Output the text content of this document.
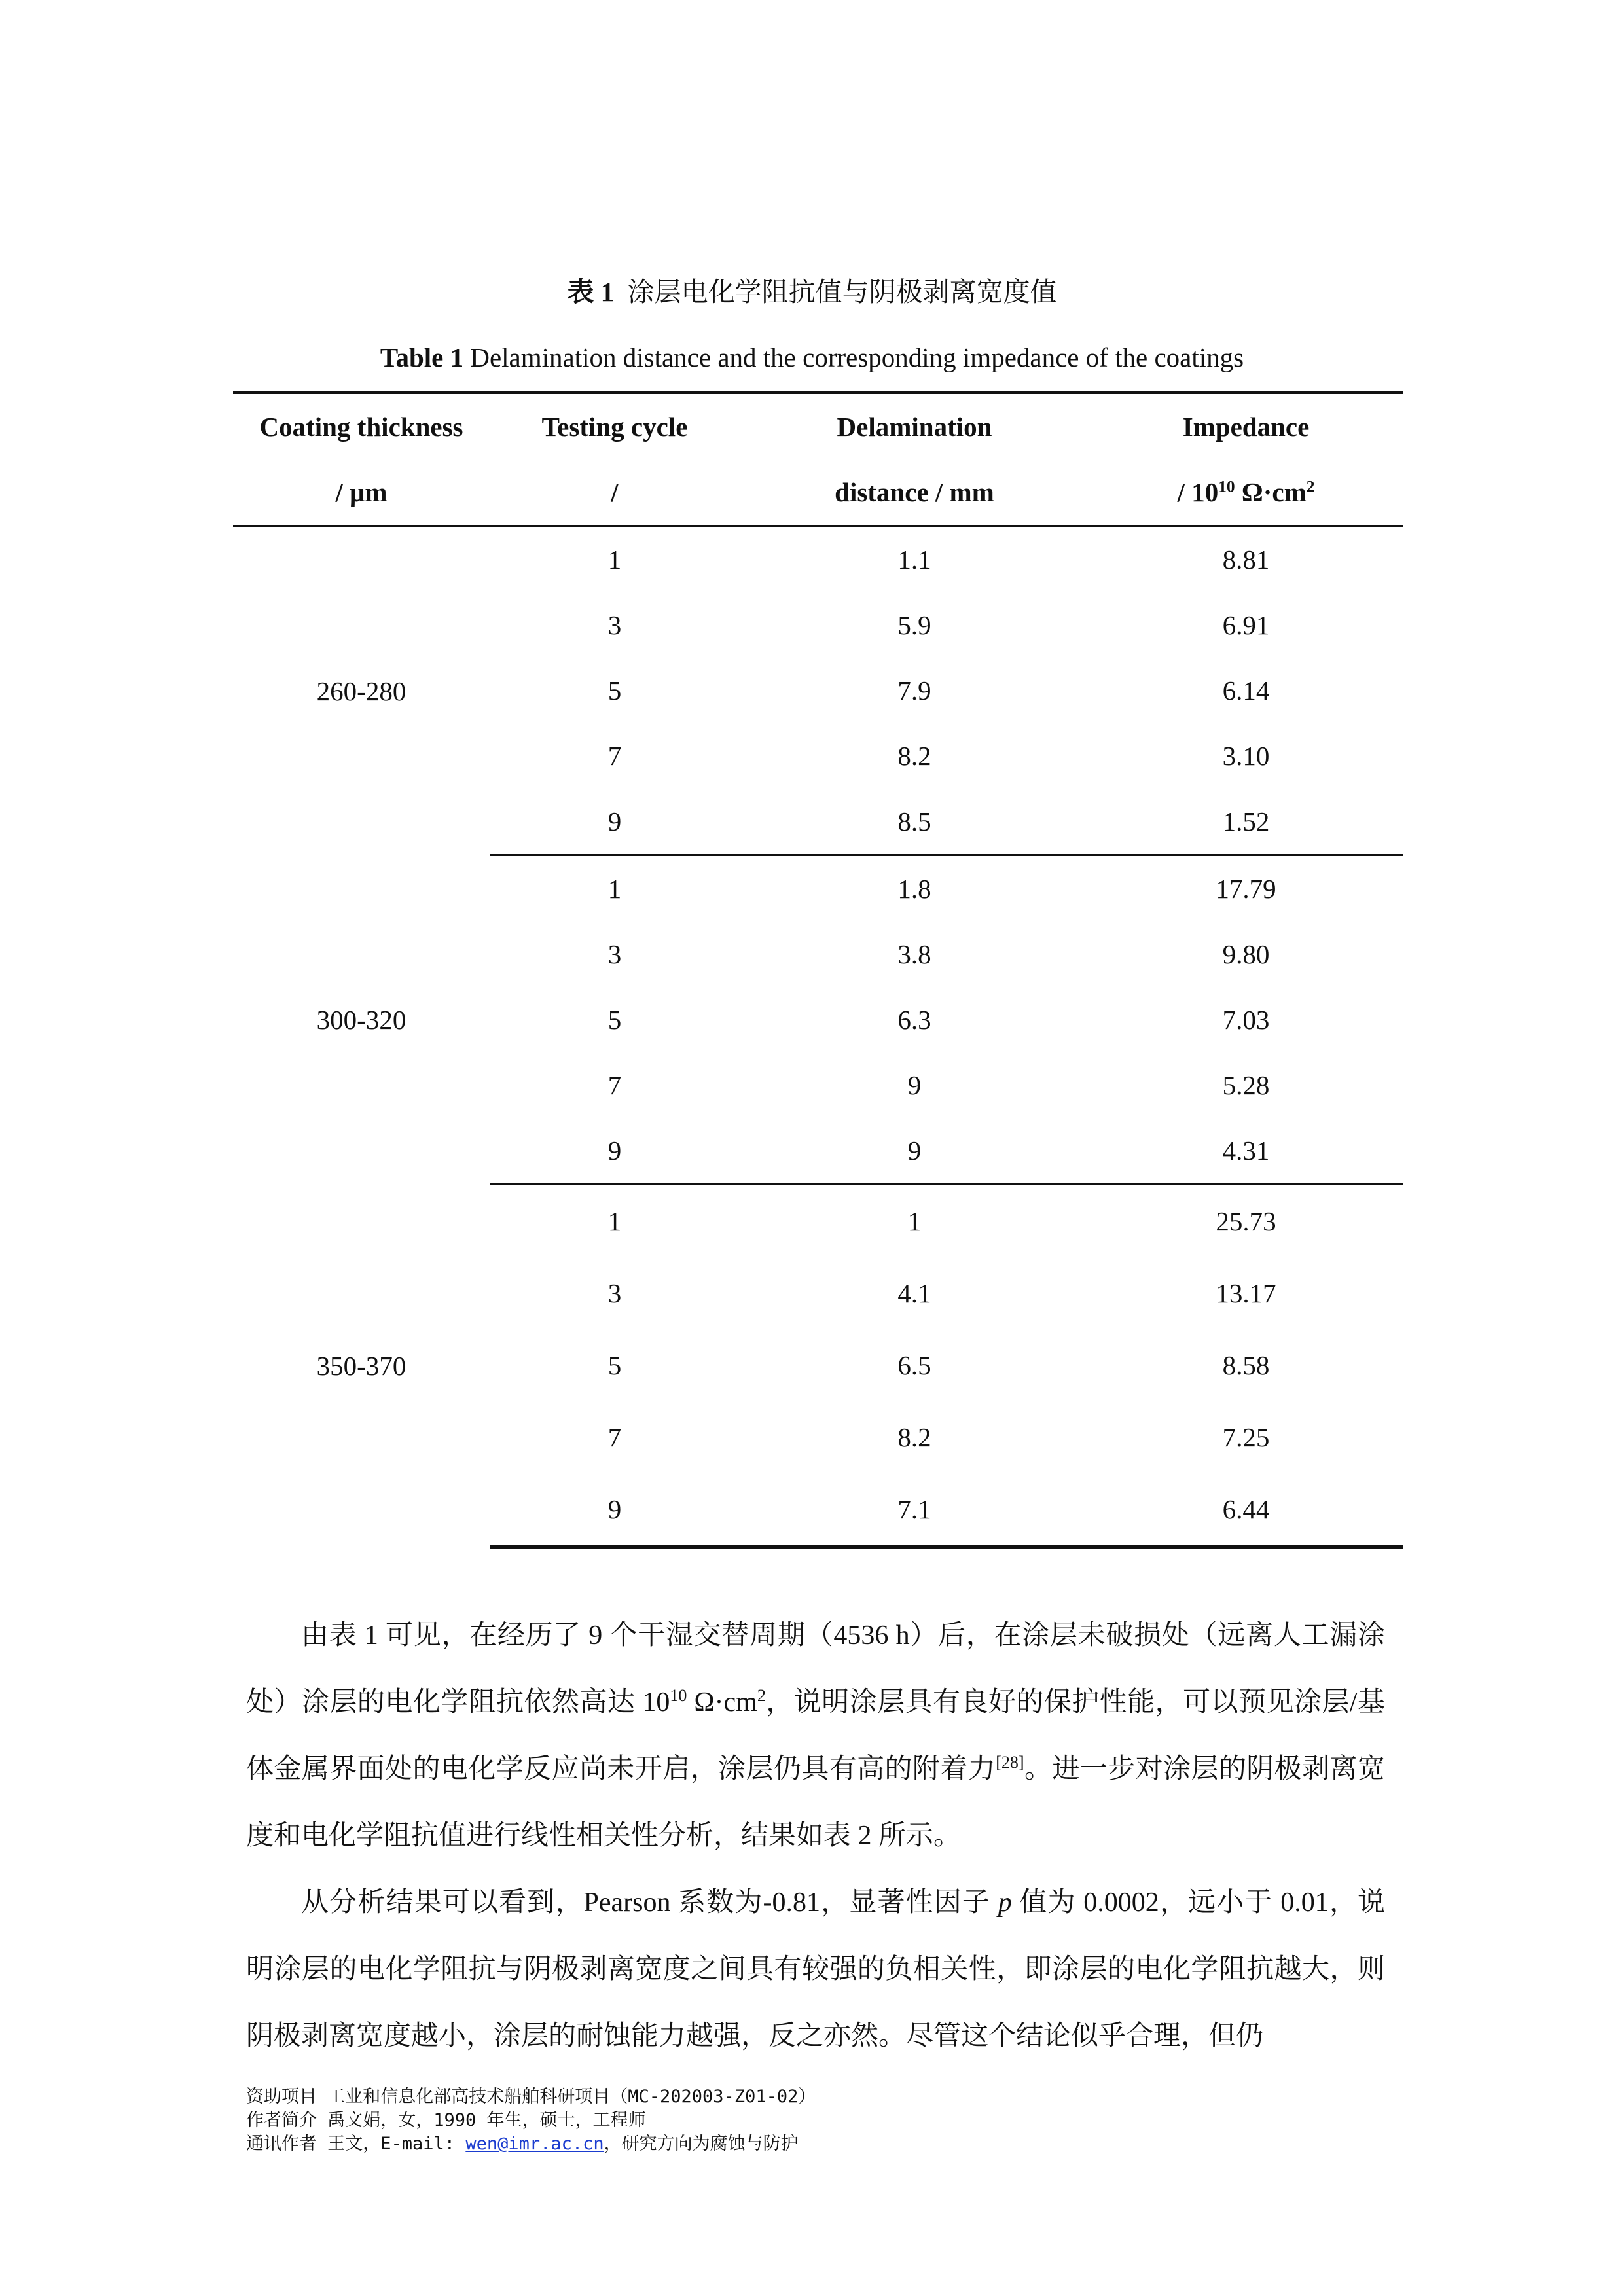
表 1 涂层电化学阻抗值与阴极剥离宽度值
Table 1 Delamination distance and the corresponding impedance of the coatings
Coating thickness	Testing cycle	Delamination	Impedance
/ μm	/	distance / mm	/ $10^{10}$ $\Omega\cdot cm^2$
260-280	1	1.1	8.81
	3	5.9	6.91
	5	7.9	6.14
	7	8.2	3.10
	9	8.5	1.52
300-320	1	1.8	17.79
	3	3.8	9.80
	5	6.3	7.03
	7	9	5.28
	9	9	4.31
350-370	1	1	25.73
	3	4.1	13.17
	5	6.5	8.58
	7	8.2	7.25
	9	7.1	6.44
由表 1 可见，在经历了 9 个干湿交替周期（4536 h）后，在涂层未破损处（远离人工漏涂处）涂层的电化学阻抗依然高达 $10^{10}$ $\Omega\cdot cm^2$，说明涂层具有良好的保护性能，可以预见涂层/基体金属界面处的电化学反应尚未开启，涂层仍具有高的附着力[28]。进一步对涂层的阴极剥离宽度和电化学阻抗值进行线性相关性分析，结果如表 2 所示。
从分析结果可以看到，Pearson 系数为-0.81，显著性因子 p 值为 0.0002，远小于 0.01，说明涂层的电化学阻抗与阴极剥离宽度之间具有较强的负相关性，即涂层的电化学阻抗越大，则阴极剥离宽度越小，涂层的耐蚀能力越强，反之亦然。尽管这个结论似乎合理，但仍
资助项目 工业和信息化部高技术船舶科研项目（MC-202003-Z01-02）
作者简介 禹文娟，女，1990 年生，硕士，工程师
通讯作者 王文，E-mail: wen@imr.ac.cn，研究方向为腐蚀与防护
